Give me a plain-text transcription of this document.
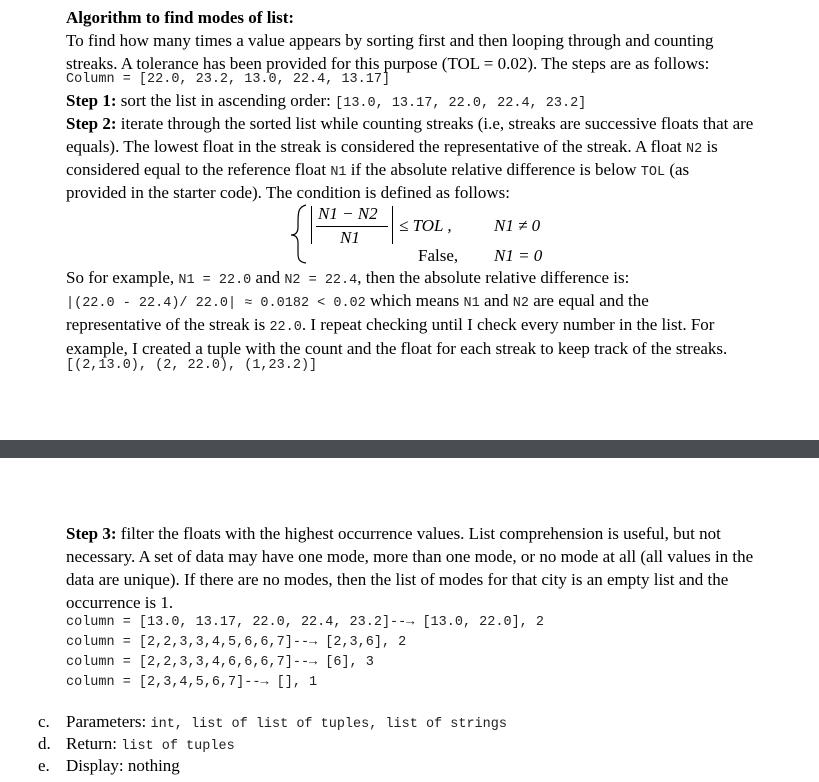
Algorithm to find modes of list:
To find how many times a value appears by sorting first and then looping through and counting
streaks. A tolerance has been provided for this purpose (TOL = 0.02). The steps are as follows:
Column = [22.0, 23.2, 13.0, 22.4, 13.17]
Step 1: sort the list in ascending order: [13.0, 13.17, 22.0, 22.4, 23.2]
Step 2: iterate through the sorted list while counting streaks (i.e, streaks are successive floats that are
equals). The lowest float in the streak is considered the representative of the streak. A float N2 is
considered equal to the reference float N1 if the absolute relative difference is below TOL (as
provided in the starter code). The condition is defined as follows:
N1 − N2
N1
≤ TOL , N1 ≠ 0
False, N1 = 0
So for example, N1 = 22.0 and N2 = 22.4, then the absolute relative difference is:
|(22.0 - 22.4)/ 22.0| ≈ 0.0182 < 0.02 which means N1 and N2 are equal and the
representative of the streak is 22.0. I repeat checking until I check every number in the list. For
example, I created a tuple with the count and the float for each streak to keep track of the streaks.
[(2,13.0), (2, 22.0), (1,23.2)]
Step 3: filter the floats with the highest occurrence values. List comprehension is useful, but not
necessary. A set of data may have one mode, more than one mode, or no mode at all (all values in the
data are unique). If there are no modes, then the list of modes for that city is an empty list and the
occurrence is 1.
column = [13.0, 13.17, 22.0, 22.4, 23.2]--→ [13.0, 22.0], 2
column = [2,2,3,3,4,5,6,6,7]--→ [2,3,6], 2
column = [2,2,3,3,4,6,6,6,7]--→ [6], 3
column = [2,3,4,5,6,7]--→ [], 1
c. Parameters: int, list of list of tuples, list of strings
d. Return: list of tuples
e. Display: nothing
